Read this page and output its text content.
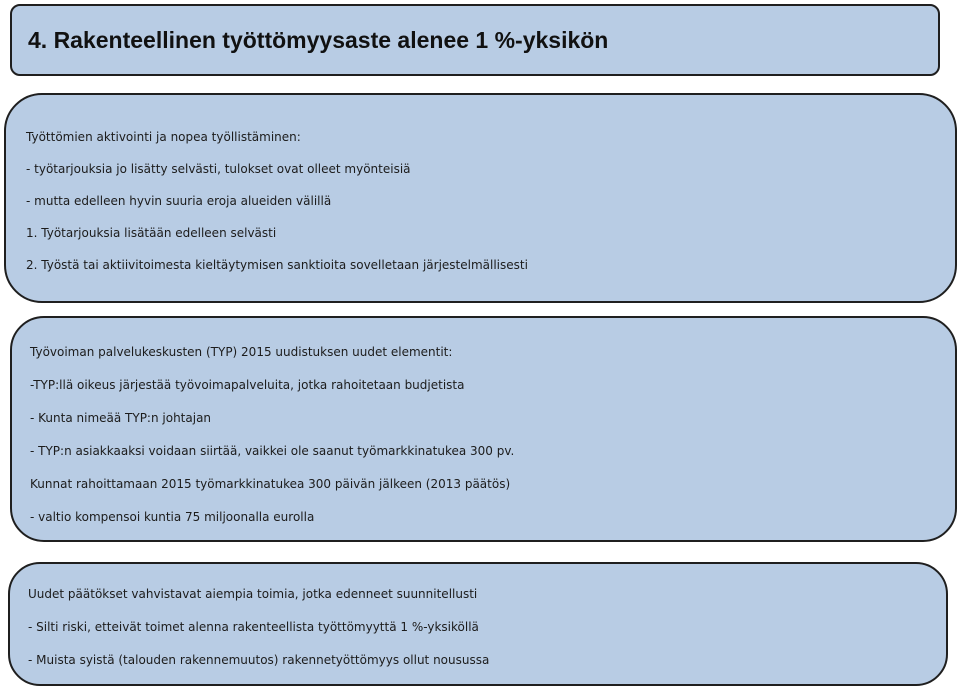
4. Rakenteellinen työttömyysaste alenee 1 %-yksikön
Työttömien aktivointi ja nopea työllistäminen:
- työtarjouksia jo lisätty selvästi, tulokset ovat olleet myönteisiä
- mutta edelleen hyvin suuria eroja alueiden välillä
1. Työtarjouksia lisätään edelleen selvästi
2. Työstä tai aktiivitoimesta kieltäytymisen sanktioita sovelletaan järjestelmällisesti
Työvoiman palvelukeskusten (TYP) 2015 uudistuksen uudet elementit:
-TYP:llä oikeus järjestää työvoimapalveluita, jotka rahoitetaan budjetista
- Kunta nimeää TYP:n johtajan
- TYP:n asiakkaaksi voidaan siirtää, vaikkei ole saanut työmarkkinatukea 300 pv.
Kunnat rahoittamaan 2015 työmarkkinatukea 300 päivän jälkeen (2013 päätös)
- valtio kompensoi kuntia 75 miljoonalla eurolla
Uudet päätökset vahvistavat aiempia toimia, jotka edenneet suunnitellusti
- Silti riski, etteivät toimet alenna rakenteellista työttömyyttä 1 %-yksiköllä
- Muista syistä (talouden rakennemuutos) rakennetyöttömyys ollut nousussa
